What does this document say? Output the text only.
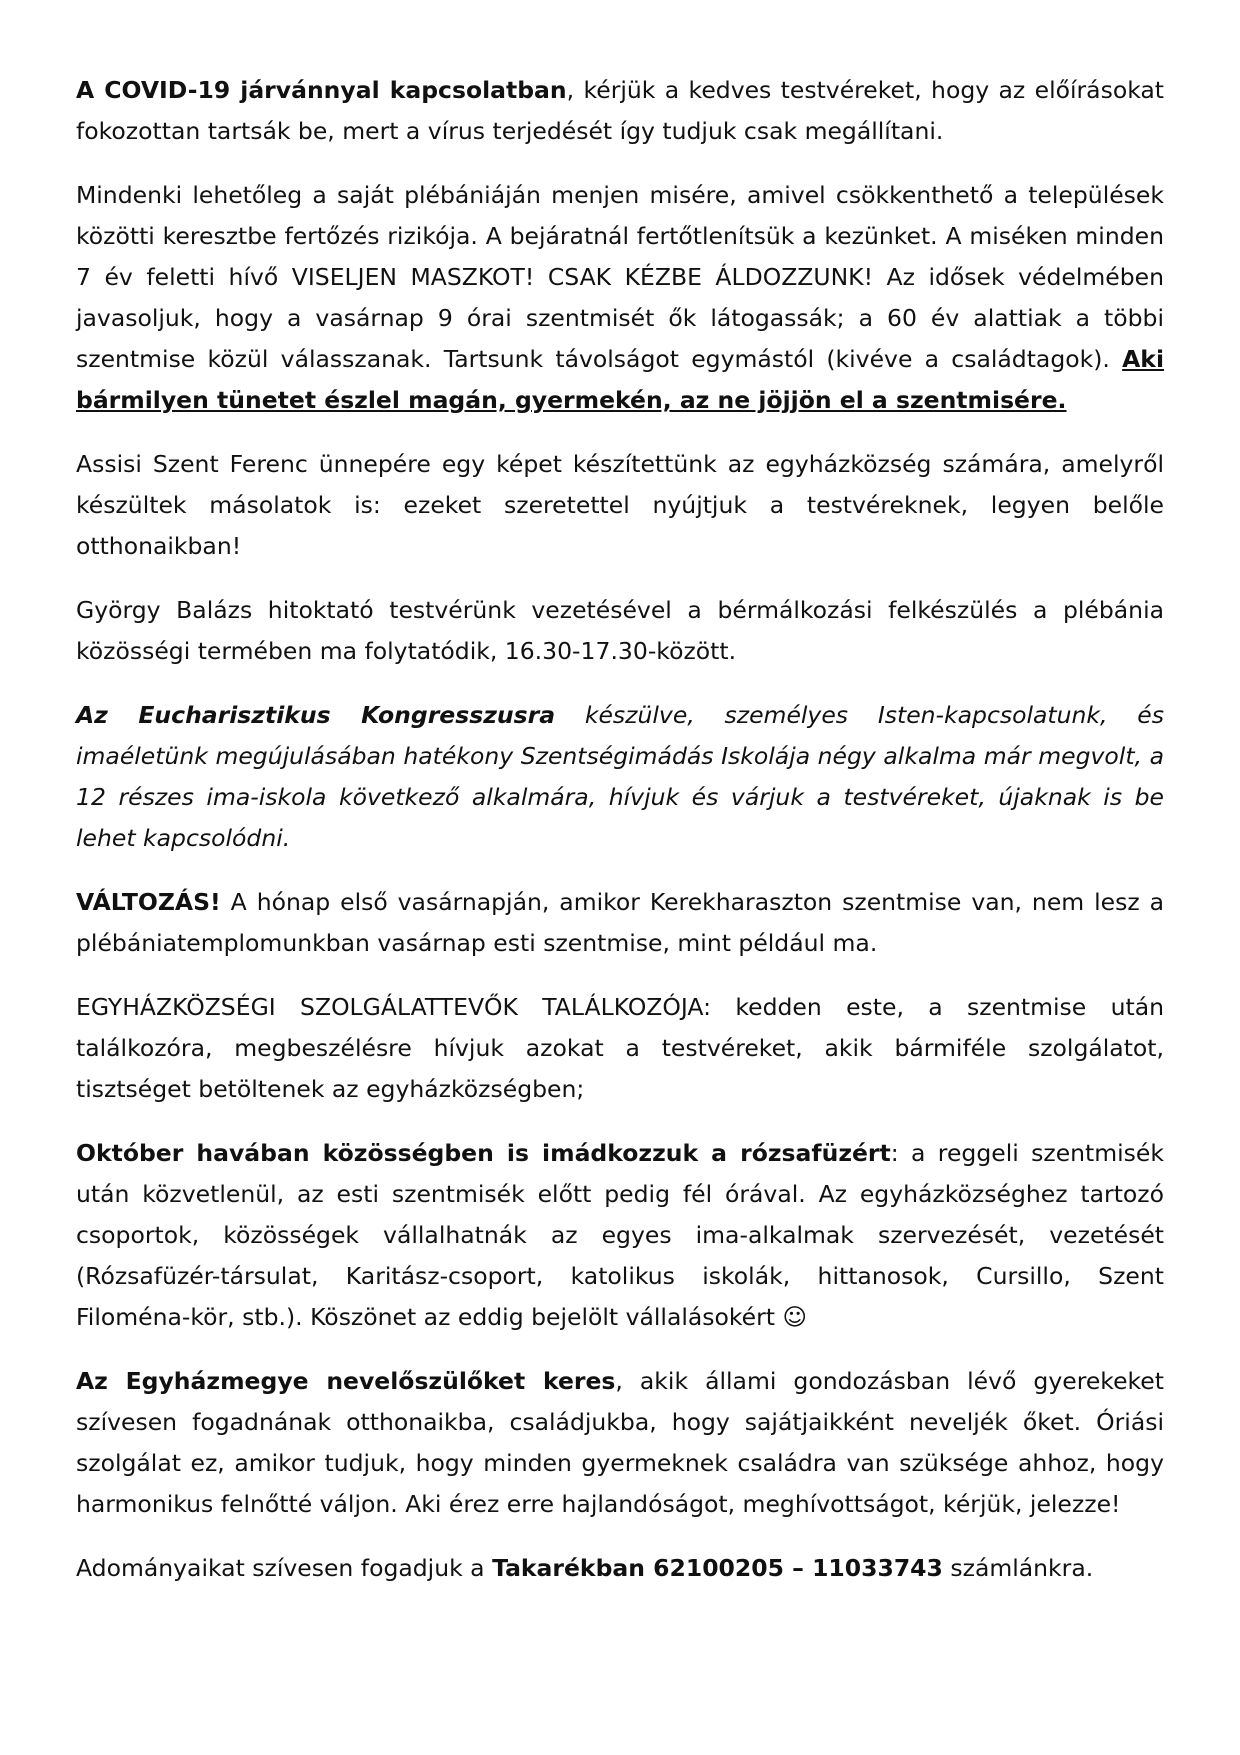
A COVID-19 járvánnyal kapcsolatban, kérjük a kedves testvéreket, hogy az előírásokat fokozottan tartsák be, mert a vírus terjedését így tudjuk csak megállítani.

Mindenki lehetőleg a saját plébániáján menjen misére, amivel csökkenthető a települések közötti keresztbe fertőzés rizikója. A bejáratnál fertőtlenítsük a kezünket. A miséken minden 7 év feletti hívő VISELJEN MASZKOT! CSAK KÉZBE ÁLDOZZUNK! Az idősek védelmében javasoljuk, hogy a vasárnap 9 órai szentmisét ők látogassák; a 60 év alattiak a többi szentmise közül válasszanak. Tartsunk távolságot egymástól (kivéve a családtagok). Aki bármilyen tünetet észlel magán, gyermekén, az ne jöjjön el a szentmisére.

Assisi Szent Ferenc ünnepére egy képet készítettünk az egyházközség számára, amelyről készültek másolatok is: ezeket szeretettel nyújtjuk a testvéreknek, legyen belőle otthonaikban!

György Balázs hitoktató testvérünk vezetésével a bérmálkozási felkészülés a plébánia közösségi termében ma folytatódik, 16.30-17.30-között.

Az Eucharisztikus Kongresszusra készülve, személyes Isten-kapcsolatunk, és imaéletünk megújulásában hatékony Szentségimádás Iskolája négy alkalma már megvolt, a 12 részes ima-iskola következő alkalmára, hívjuk és várjuk a testvéreket, újaknak is be lehet kapcsolódni.

VÁLTOZÁS! A hónap első vasárnapján, amikor Kerekharaszton szentmise van, nem lesz a plébániatemplomunkban vasárnap esti szentmise, mint például ma.

EGYHÁZKÖZSÉGI SZOLGÁLATTEVŐK TALÁLKOZÓJA: kedden este, a szentmise után találkozóra, megbeszélésre hívjuk azokat a testvéreket, akik bármiféle szolgálatot, tisztséget betöltenek az egyházközségben;

Október havában közösségben is imádkozzuk a rózsafüzért: a reggeli szentmisék után közvetlenül, az esti szentmisék előtt pedig fél órával. Az egyházközséghez tartozó csoportok, közösségek vállalhatnák az egyes ima-alkalmak szervezését, vezetését (Rózsafüzér-társulat, Karitász-csoport, katolikus iskolák, hittanosok, Cursillo, Szent Filoména-kör, stb.). Köszönet az eddig bejelölt vállalásokért ☺

Az Egyházmegye nevelőszülőket keres, akik állami gondozásban lévő gyerekeket szívesen fogadnának otthonaikba, családjukba, hogy sajátjaikként neveljék őket. Óriási szolgálat ez, amikor tudjuk, hogy minden gyermeknek családra van szüksége ahhoz, hogy harmonikus felnőtté váljon. Aki érez erre hajlandóságot, meghívottságot, kérjük, jelezze!

Adományaikat szívesen fogadjuk a Takarékban 62100205 – 11033743 számlánkra.
